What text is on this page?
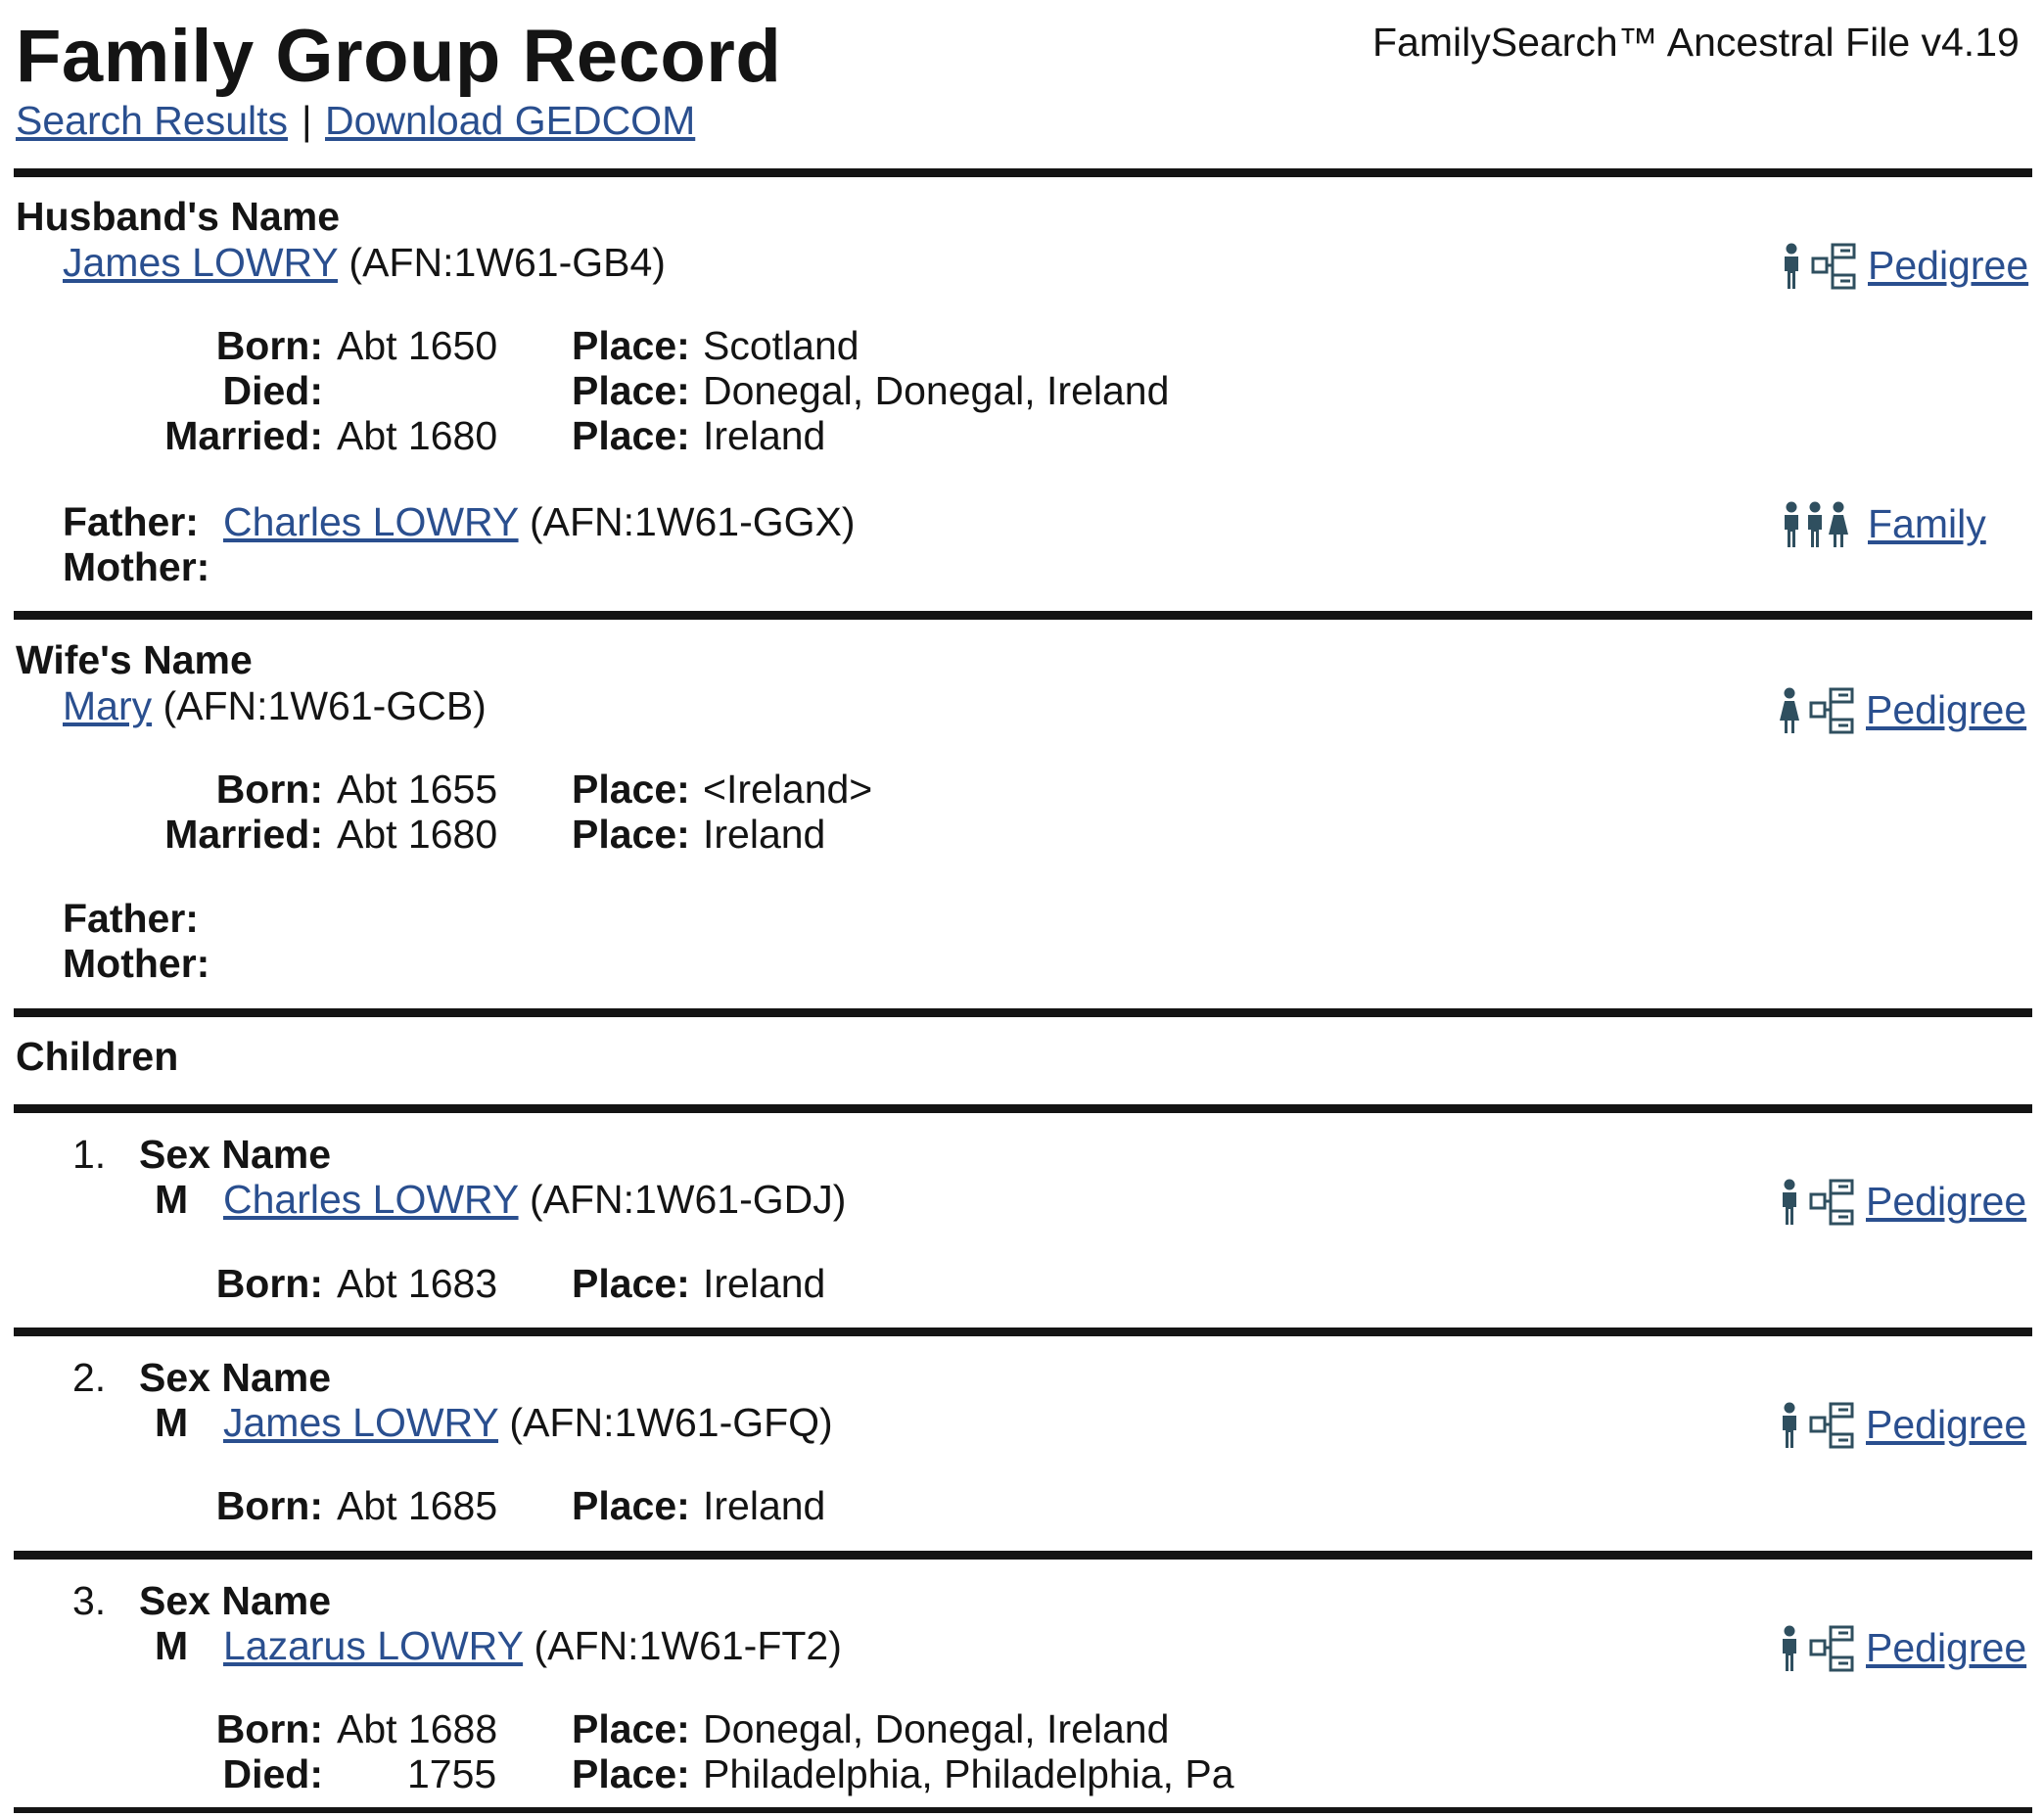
Family Group Record	FamilySearch™ Ancestral File v4.19
Search Results | Download GEDCOM
Husband's Name
James LOWRY (AFN:1W61-GB4)	Pedigree
Born: Abt 1650 Place: Scotland
Died:	Place: Donegal, Donegal, Ireland
Married: Abt 1680 Place: Ireland
Father: Charles LOWRY (AFN:1W61-GGX)
Mother:
Family
Wife's Name
Mary (AFN:1W61-GCB)	Pedigree
Born: Abt 1655 Place: <Ireland>
Married: Abt 1680 Place: Ireland
Father:
Mother:
Children
1. Sex Name
M Charles LOWRY (AFN:1W61-GDJ)	Pedigree
Born: Abt 1683 Place: Ireland
2. Sex Name
M James LOWRY (AFN:1W61-GFQ)	Pedigree
Born: Abt 1685 Place: Ireland
3. Sex Name
M Lazarus LOWRY (AFN:1W61-FT2)	Pedigree
Born: Abt 1688 Place: Donegal, Donegal, Ireland
Died: 1755 Place: Philadelphia, Philadelphia, Pa
